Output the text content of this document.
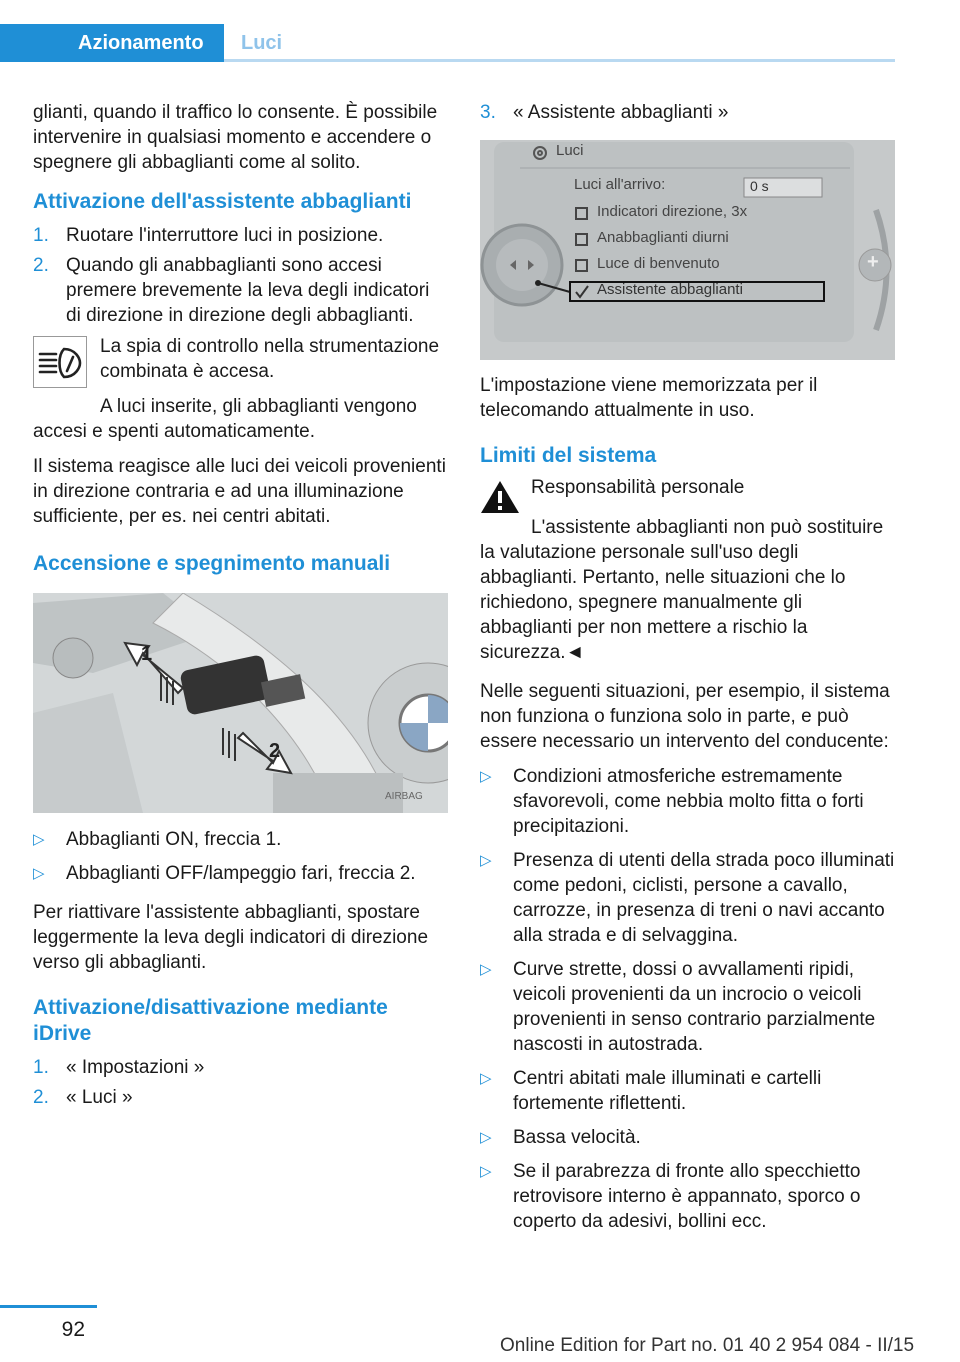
Azionamento	Luci

glianti, quando il traffico lo consente. È possibile intervenire in qualsiasi momento e accendere o spegnere gli abbaglianti come al solito.

Attivazione dell'assistente abbaglianti
1. Ruotare l'interruttore luci in posizione.
2. Quando gli anabbaglianti sono accesi premere brevemente la leva degli indicatori di direzione in direzione degli abbaglianti.

La spia di controllo nella strumentazione combinata è accesa.

A luci inserite, gli abbaglianti vengono accesi e spenti automaticamente.

Il sistema reagisce alle luci dei veicoli provenienti in direzione contraria e ad una illuminazione sufficiente, per es. nei centri abitati.

Accensione e spegnimento manuali
1
2
AIRBAG
▷ Abbaglianti ON, freccia 1.
▷ Abbaglianti OFF/lampeggio fari, freccia 2.

Per riattivare l'assistente abbaglianti, spostare leggermente la leva degli indicatori di direzione verso gli abbaglianti.

Attivazione/disattivazione mediante iDrive
1. « Impostazioni »
2. « Luci »
3. « Assistente abbaglianti »
Luci
Luci all'arrivo:	0 s
Indicatori direzione, 3x
Anabbaglianti diurni
Luce di benvenuto
Assistente abbaglianti
+

L'impostazione viene memorizzata per il telecomando attualmente in uso.

Limiti del sistema

Responsabilità personale

L'assistente abbaglianti non può sostituire la valutazione personale sull'uso degli abbaglianti. Pertanto, nelle situazioni che lo richiedono, spegnere manualmente gli abbaglianti per non mettere a rischio la sicurezza.◄

Nelle seguenti situazioni, per esempio, il sistema non funziona o funziona solo in parte, e può essere necessario un intervento del conducente:

▷ Condizioni atmosferiche estremamente sfavorevoli, come nebbia molto fitta o forti precipitazioni.
▷ Presenza di utenti della strada poco illuminati come pedoni, ciclisti, persone a cavallo, carrozze, in presenza di treni o navi accanto alla strada e di selvaggina.
▷ Curve strette, dossi o avvallamenti ripidi, veicoli provenienti da un incrocio o veicoli provenienti in senso contrario parzialmente nascosti in autostrada.
▷ Centri abitati male illuminati e cartelli fortemente riflettenti.
▷ Bassa velocità.
▷ Se il parabrezza di fronte allo specchietto retrovisore interno è appannato, sporco o coperto da adesivi, bollini ecc.
92
Online Edition for Part no. 01 40 2 954 084 - II/15
